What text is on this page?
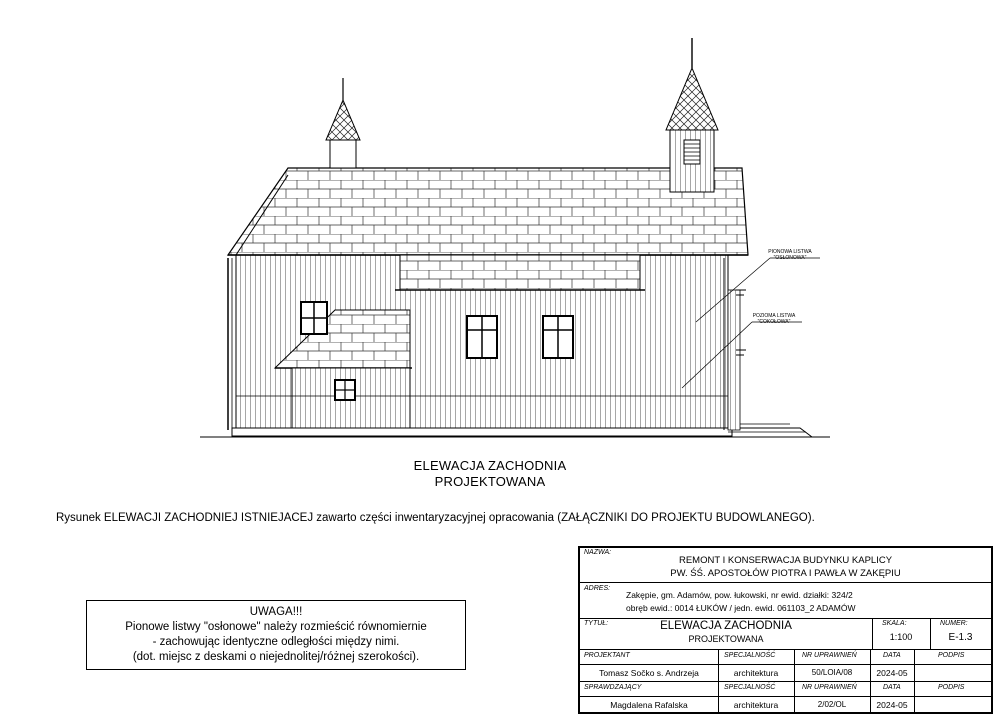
PIONOWA LISTWA
"OSŁONOWA"
POZIOMA LISTWA
"COKOŁOWA"
ELEWACJA ZACHODNIA
PROJEKTOWANA
Rysunek ELEWACJI ZACHODNIEJ ISTNIEJACEJ zawarto części inwentaryzacyjnej opracowania (ZAŁĄCZNIKI DO PROJEKTU BUDOWLANEGO).
UWAGA!!!
Pionowe listwy "osłonowe" należy rozmieścić równomiernie
- zachowując identyczne odległości między nimi.
(dot. miejsc z deskami o niejednolitej/różnej szerokości).
NAZWA:
REMONT I KONSERWACJA BUDYNKU KAPLICY
PW. ŚŚ. APOSTOŁÓW PIOTRA I PAWŁA W ZAKĘPIU
ADRES:
Zakępie, gm. Adamów, pow. łukowski, nr ewid. działki: 324/2
obręb ewid.: 0014 ŁUKÓW / jedn. ewid. 061103_2 ADAMÓW
TYTUŁ:	ELEWACJA ZACHODNIA
PROJEKTOWANA
SKALA:
1:100
NUMER:
E-1.3
PROJEKTANT	SPECJALNOŚĆ	NR UPRAWNIEŃ	DATA	PODPIS
Tomasz Sočko s. Andrzeja	architektura	50/LOIA/08	2024-05
SPRAWDZAJĄCY	SPECJALNOŚĆ	NR UPRAWNIEŃ	DATA	PODPIS
Magdalena Rafalska	architektura	2/02/OL	2024-05
